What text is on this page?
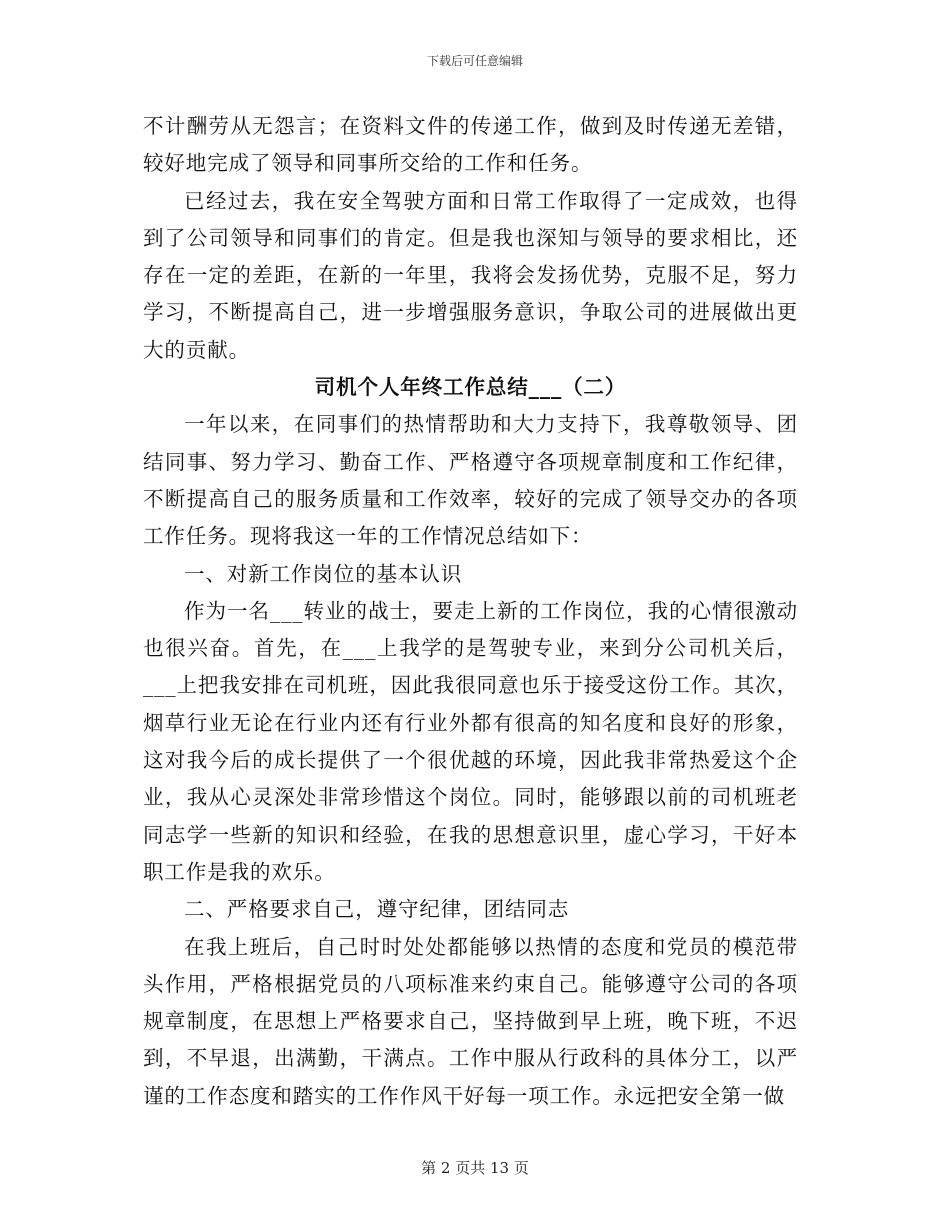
下载后可任意编辑

不计酬劳从无怨言；在资料文件的传递工作，做到及时传递无差错，较好地完成了领导和同事所交给的工作和任务。

已经过去，我在安全驾驶方面和日常工作取得了一定成效，也得到了公司领导和同事们的肯定。但是我也深知与领导的要求相比，还存在一定的差距，在新的一年里，我将会发扬优势，克服不足，努力学习，不断提高自己，进一步增强服务意识，争取公司的进展做出更大的贡献。

司机个人年终工作总结___（二）

一年以来，在同事们的热情帮助和大力支持下，我尊敬领导、团结同事、努力学习、勤奋工作、严格遵守各项规章制度和工作纪律，不断提高自己的服务质量和工作效率，较好的完成了领导交办的各项工作任务。现将我这一年的工作情况总结如下：

一、对新工作岗位的基本认识

作为一名___转业的战士，要走上新的工作岗位，我的心情很激动也很兴奋。首先，在___上我学的是驾驶专业，来到分公司机关后，___上把我安排在司机班，因此我很同意也乐于接受这份工作。其次，烟草行业无论在行业内还有行业外都有很高的知名度和良好的形象，这对我今后的成长提供了一个很优越的环境，因此我非常热爱这个企业，我从心灵深处非常珍惜这个岗位。同时，能够跟以前的司机班老同志学一些新的知识和经验，在我的思想意识里，虚心学习，干好本职工作是我的欢乐。

二、严格要求自己，遵守纪律，团结同志

在我上班后，自己时时处处都能够以热情的态度和党员的模范带头作用，严格根据党员的八项标准来约束自己。能够遵守公司的各项规章制度，在思想上严格要求自己，坚持做到早上班，晚下班，不迟到，不早退，出满勤，干满点。工作中服从行政科的具体分工，以严谨的工作态度和踏实的工作作风干好每一项工作。永远把安全第一做

第 2 页共 13 页
